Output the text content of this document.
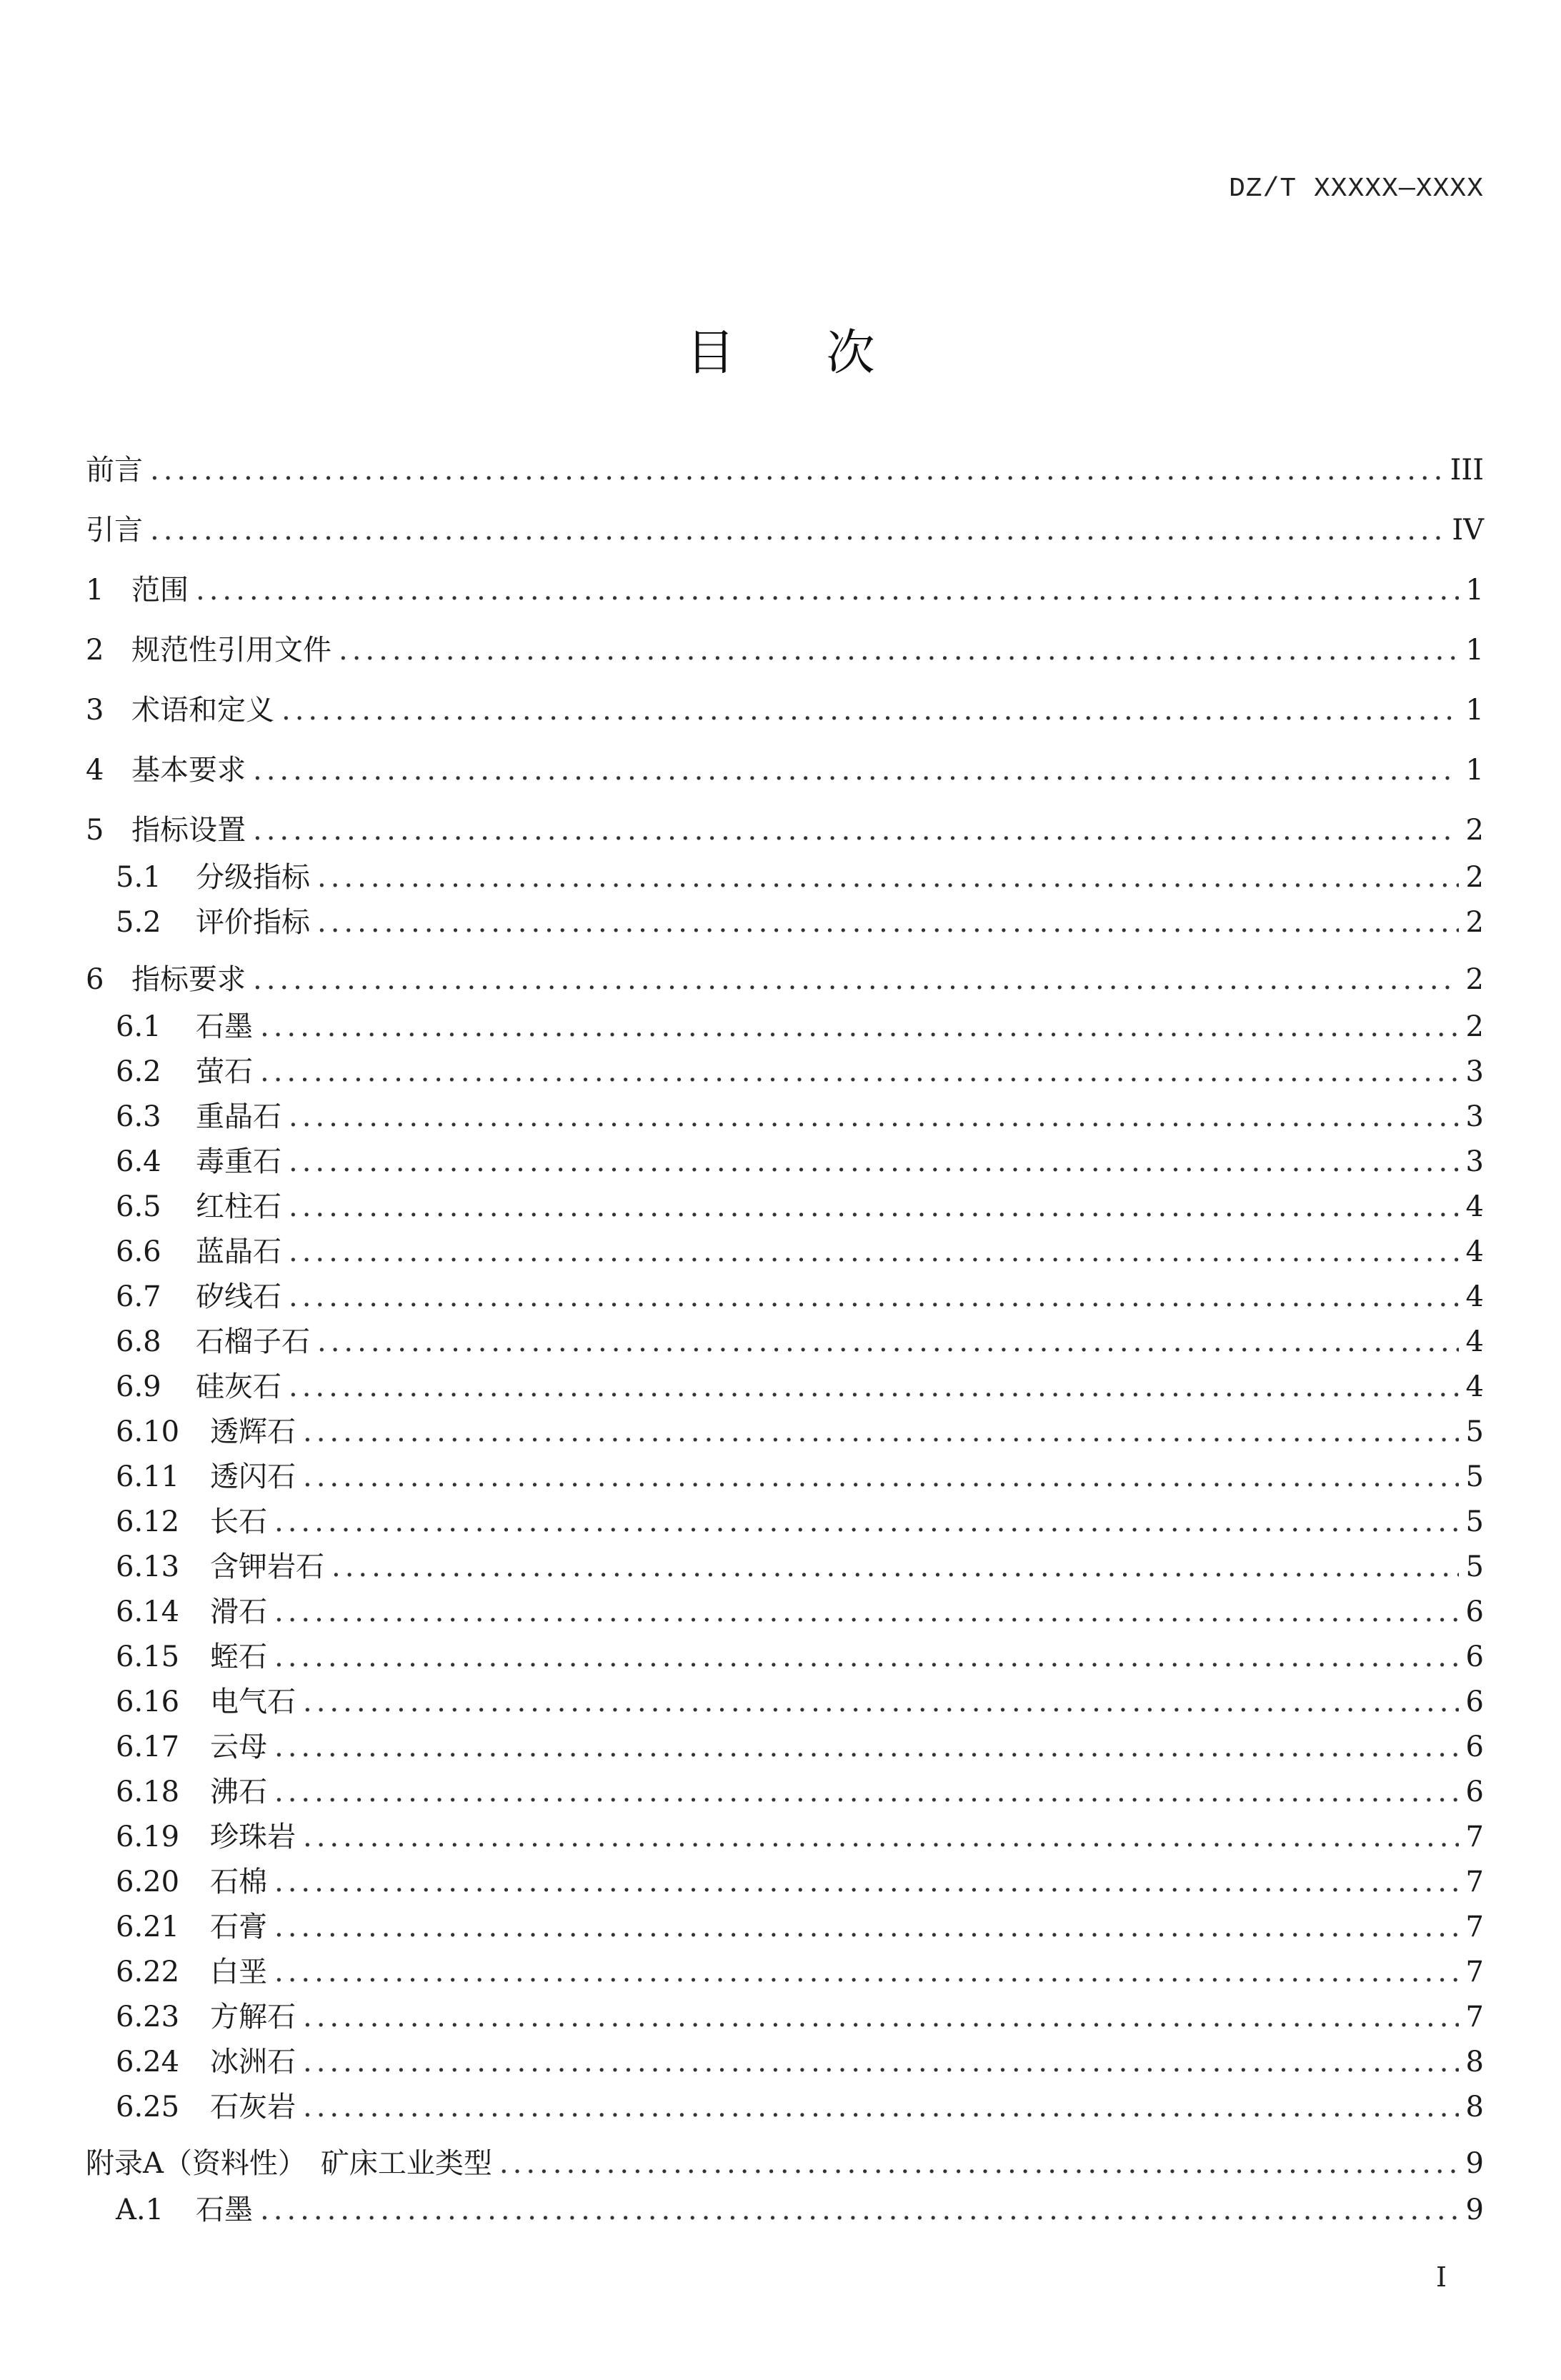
DZ/T XXXXX—XXXX
目次
前言 .....	III
引言 .....	IV
1 范围 .....	1
2 规范性引用文件 .....	1
3 术语和定义 .....	1
4 基本要求 .....	1
5 指标设置 .....	2
5.1	分级指标 .....	2
5.2	评价指标 .....	2
6 指标要求 .....	2
6.1	石墨 .....	2
6.2	萤石 .....	3
6.3	重晶石 .....	3
6.4	毒重石 .....	3
6.5	红柱石 .....	4
6.6	蓝晶石 .....	4
6.7	矽线石 .....	4
6.8	石榴子石 .....	4
6.9	硅灰石 .....	4
6.10	透辉石 .....	5
6.11	透闪石 .....	5
6.12	长石 .....	5
6.13	含钾岩石 .....	5
6.14	滑石 .....	6
6.15	蛭石 .....	6
6.16	电气石 .....	6
6.17	云母 .....	6
6.18	沸石 .....	6
6.19	珍珠岩 .....	7
6.20	石棉 .....	7
6.21	石膏 .....	7
6.22	白垩 .....	7
6.23	方解石 .....	7
6.24	冰洲石 .....	8
6.25	石灰岩 .....	8
附录A（资料性）　矿床工业类型 .....	9
A.1	石墨 .....	9
I
